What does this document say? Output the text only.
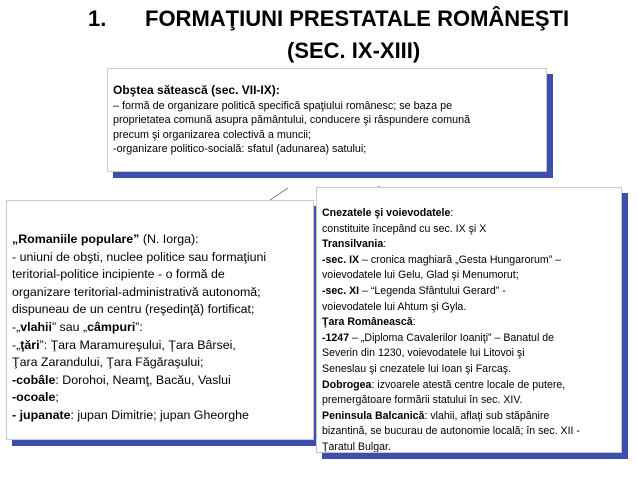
1. FORMAŢIUNI PRESTATALE ROMÂNEŞTI
(SEC. IX-XIII)
Obştea sătească (sec. VII-IX):
– formă de organizare politică specifică spaţiului românesc; se baza pe
proprietatea comună asupra pământului, conducere şi răspundere comună
precum şi organizarea colectivă a muncii;
-organizare politico-socială: sfatul (adunarea) satului;
„Romaniile populare” (N. Iorga):
- uniuni de obşti, nuclee politice sau formaţiuni
teritorial-politice incipiente - o formă de
organizare teritorial-administrativă autonomă;
dispuneau de un centru (reşedinţă) fortificat;
-„vlahii” sau „câmpuri”:
-„ţări”: Ţara Maramureşului, Ţara Bârsei,
Ţara Zarandului, Ţara Făgăraşului;
-cobâle: Dorohoi, Neamţ, Bacău, Vaslui
-ocoale;
- jupanate: jupan Dimitrie; jupan Gheorghe
Cnezatele şi voievodatele:
constituite începând cu sec. IX şi X
Transilvania:
-sec. IX – cronica maghiară „Gesta Hungarorum” –
voievodatele lui Gelu, Glad şi Menumorut;
-sec. XI – “Legenda Sfântului Gerard” -
voievodatele lui Ahtum şi Gyla.
Ţara Românească:
-1247 – „Diploma Cavalerilor Ioaniţi” – Banatul de
Severin din 1230, voievodatele lui Litovoi şi
Seneslau şi cnezatele lui Ioan şi Farcaş.
Dobrogea: izvoarele atestă centre locale de putere,
premergătoare formării statului în sec. XIV.
Peninsula Balcanică: vlahii, aflaţi sub stăpânire
bizantină, se bucurau de autonomie locală; în sec. XII -
Ţaratul Bulgar.
